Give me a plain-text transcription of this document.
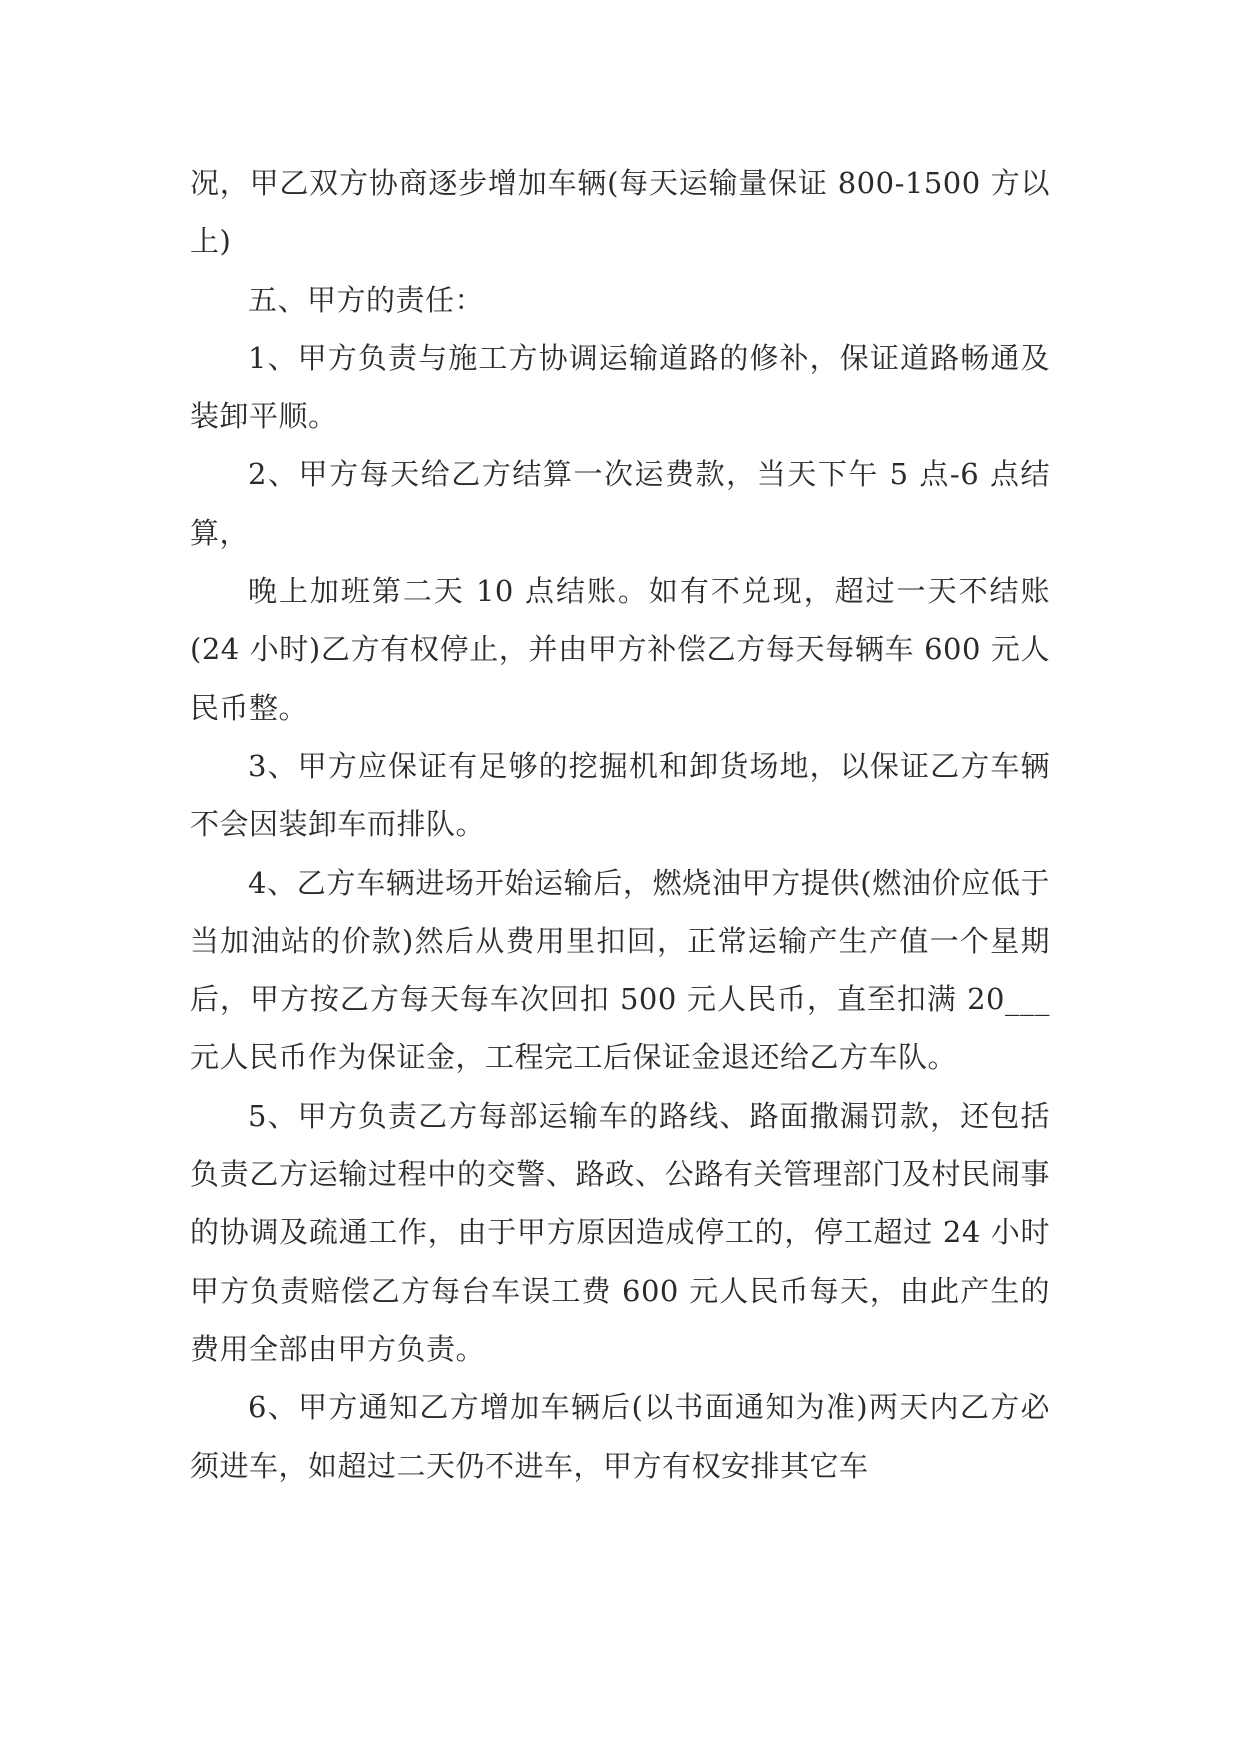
况，甲乙双方协商逐步增加车辆(每天运输量保证 800-1500 方以上)

五、甲方的责任：

1、甲方负责与施工方协调运输道路的修补，保证道路畅通及装卸平顺。

2、甲方每天给乙方结算一次运费款，当天下午 5 点-6 点结算，

晚上加班第二天 10 点结账。如有不兑现，超过一天不结账(24 小时)乙方有权停止，并由甲方补偿乙方每天每辆车 600 元人民币整。

3、甲方应保证有足够的挖掘机和卸货场地，以保证乙方车辆不会因装卸车而排队。

4、乙方车辆进场开始运输后，燃烧油甲方提供(燃油价应低于当加油站的价款)然后从费用里扣回，正常运输产生产值一个星期后，甲方按乙方每天每车次回扣 500 元人民币，直至扣满 20___元人民币作为保证金，工程完工后保证金退还给乙方车队。

5、甲方负责乙方每部运输车的路线、路面撒漏罚款，还包括负责乙方运输过程中的交警、路政、公路有关管理部门及村民闹事的协调及疏通工作，由于甲方原因造成停工的，停工超过 24 小时甲方负责赔偿乙方每台车误工费 600 元人民币每天，由此产生的费用全部由甲方负责。

6、甲方通知乙方增加车辆后(以书面通知为准)两天内乙方必须进车，如超过二天仍不进车，甲方有权安排其它车
